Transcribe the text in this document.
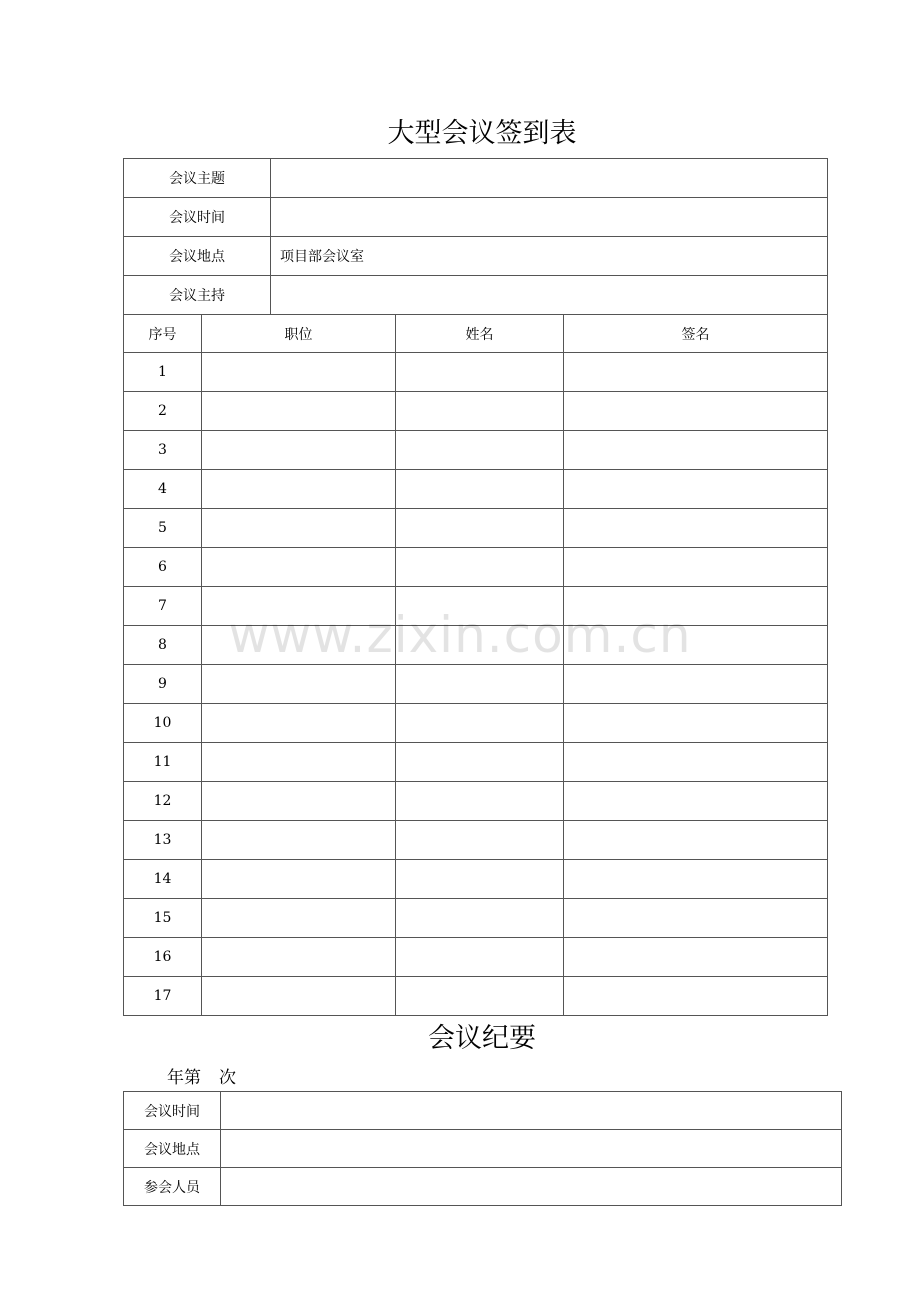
大型会议签到表
会议主题	
会议时间	
会议地点	项目部会议室
会议主持	
序号	职位	姓名	签名
1			
2			
3			
4			
5			
6			
7			
8			
9			
10			
11			
12			
13			
14			
15			
16			
17			
年第 次
会议纪要
会议时间	
会议地点	
参会人员	
www.zixin.com.cn
